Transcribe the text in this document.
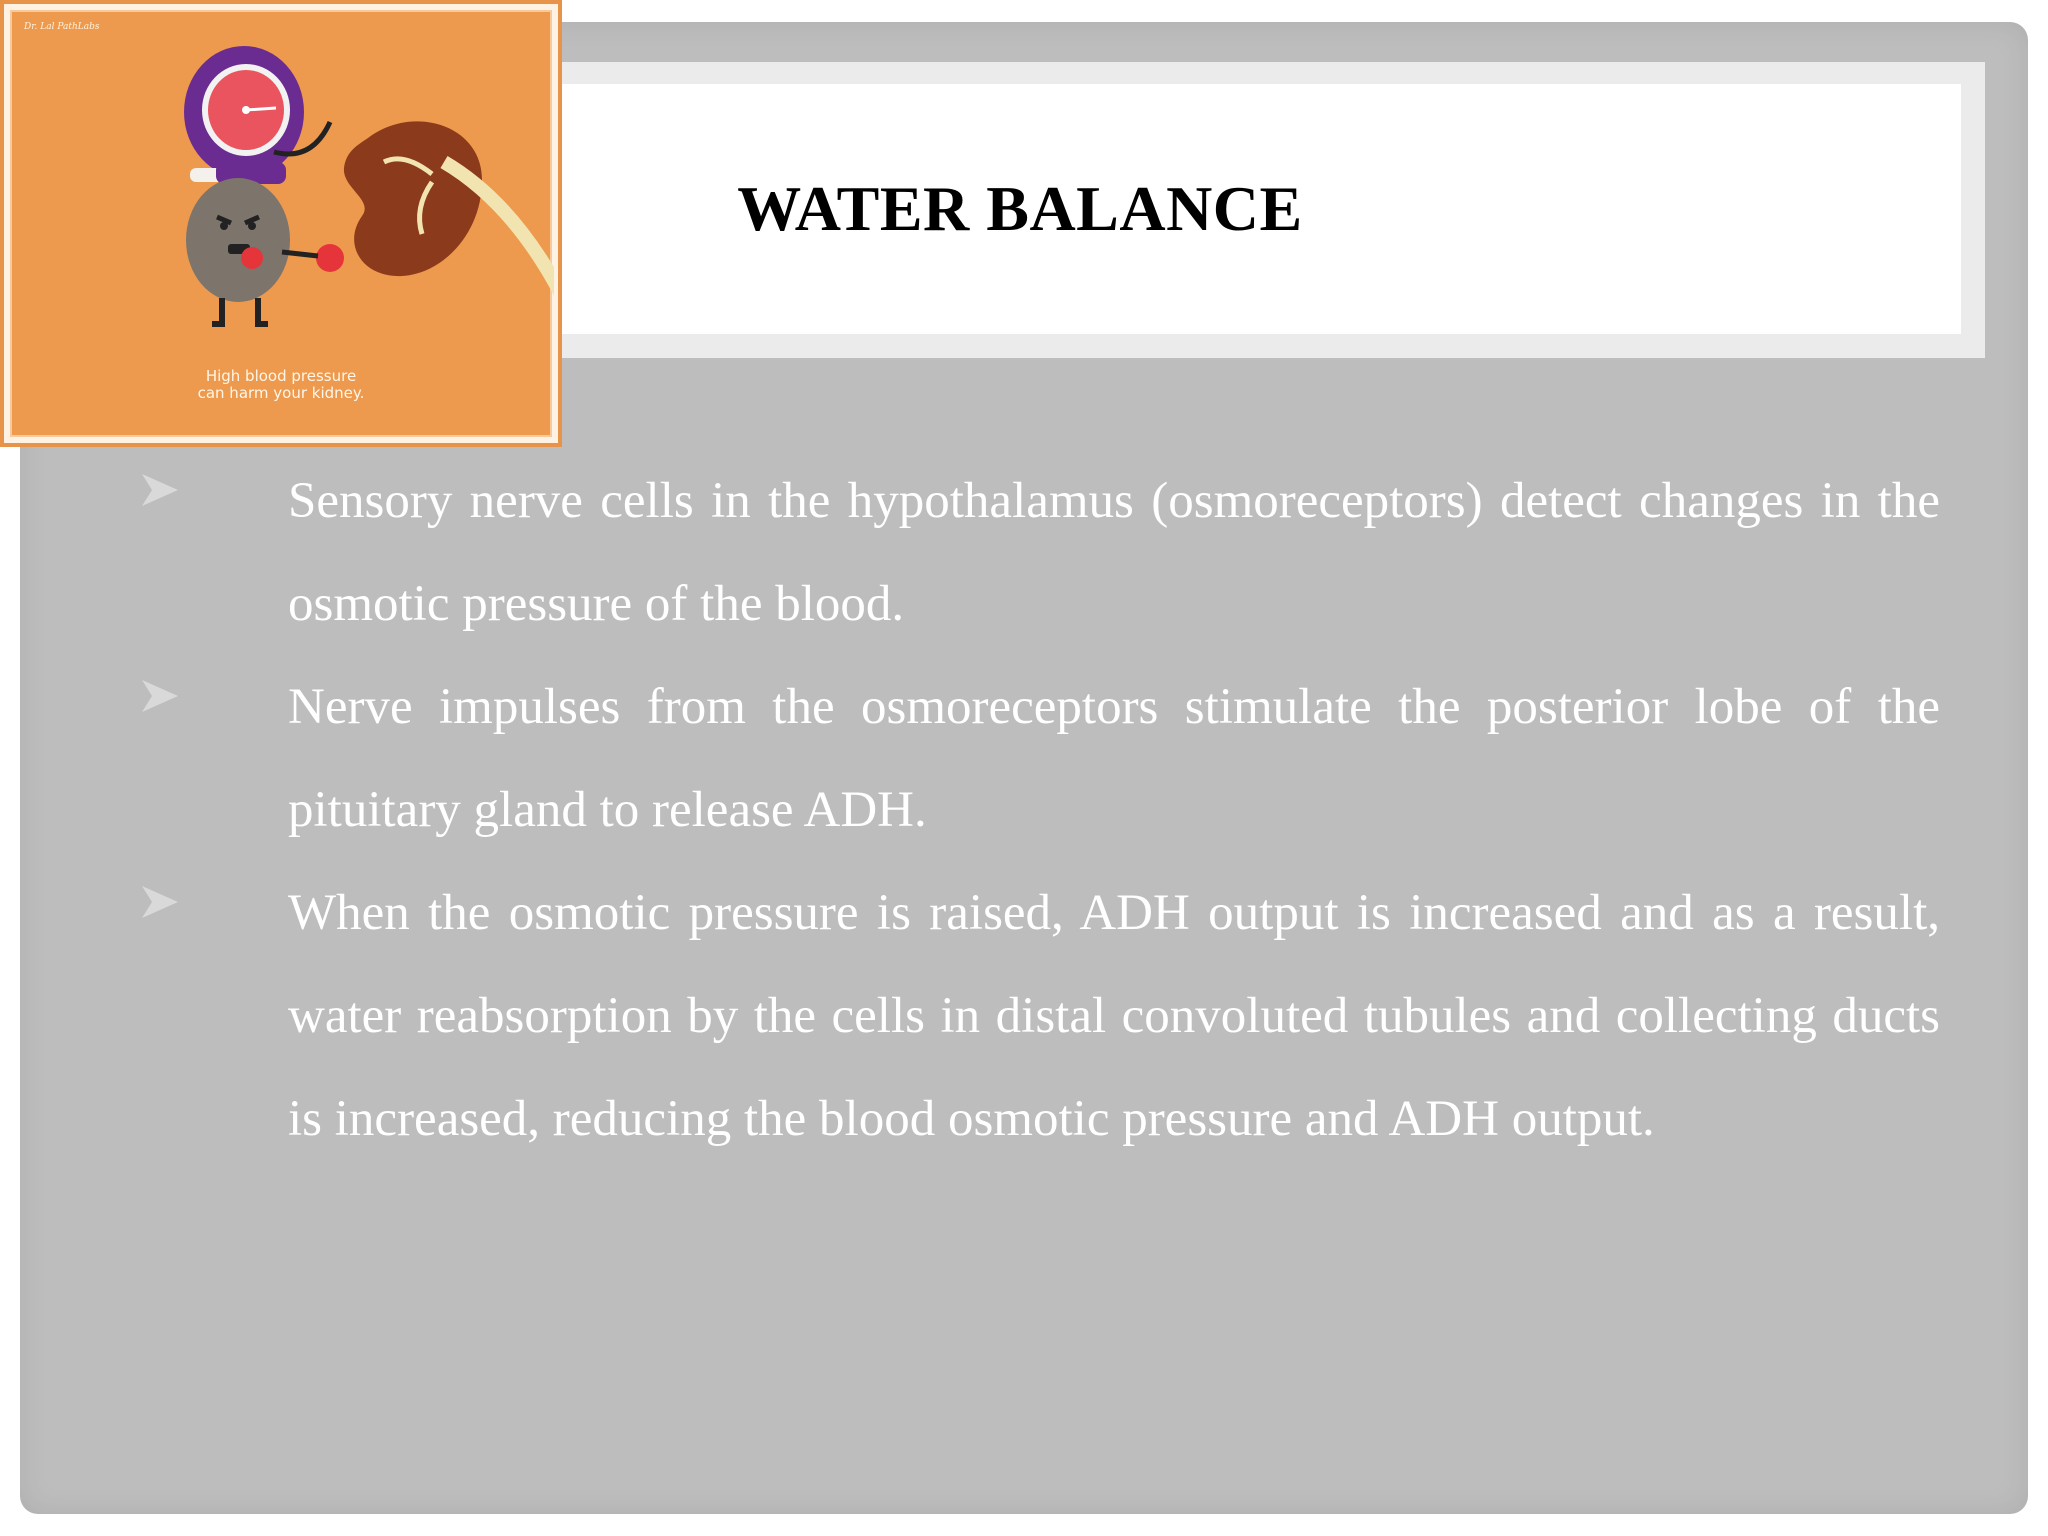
WATER BALANCE
Dr. Lal PathLabs
High blood pressure
can harm your kidney.
Sensory nerve cells in the hypothalamus (osmoreceptors) detect changes in the osmotic pressure of the blood.
Nerve impulses from the osmoreceptors stimulate the posterior lobe of the pituitary gland to release ADH.
When the osmotic pressure is raised, ADH output is increased and as a result, water reabsorption by the cells in distal convoluted tubules and collecting ducts is increased, reducing the blood osmotic pressure and ADH output.
